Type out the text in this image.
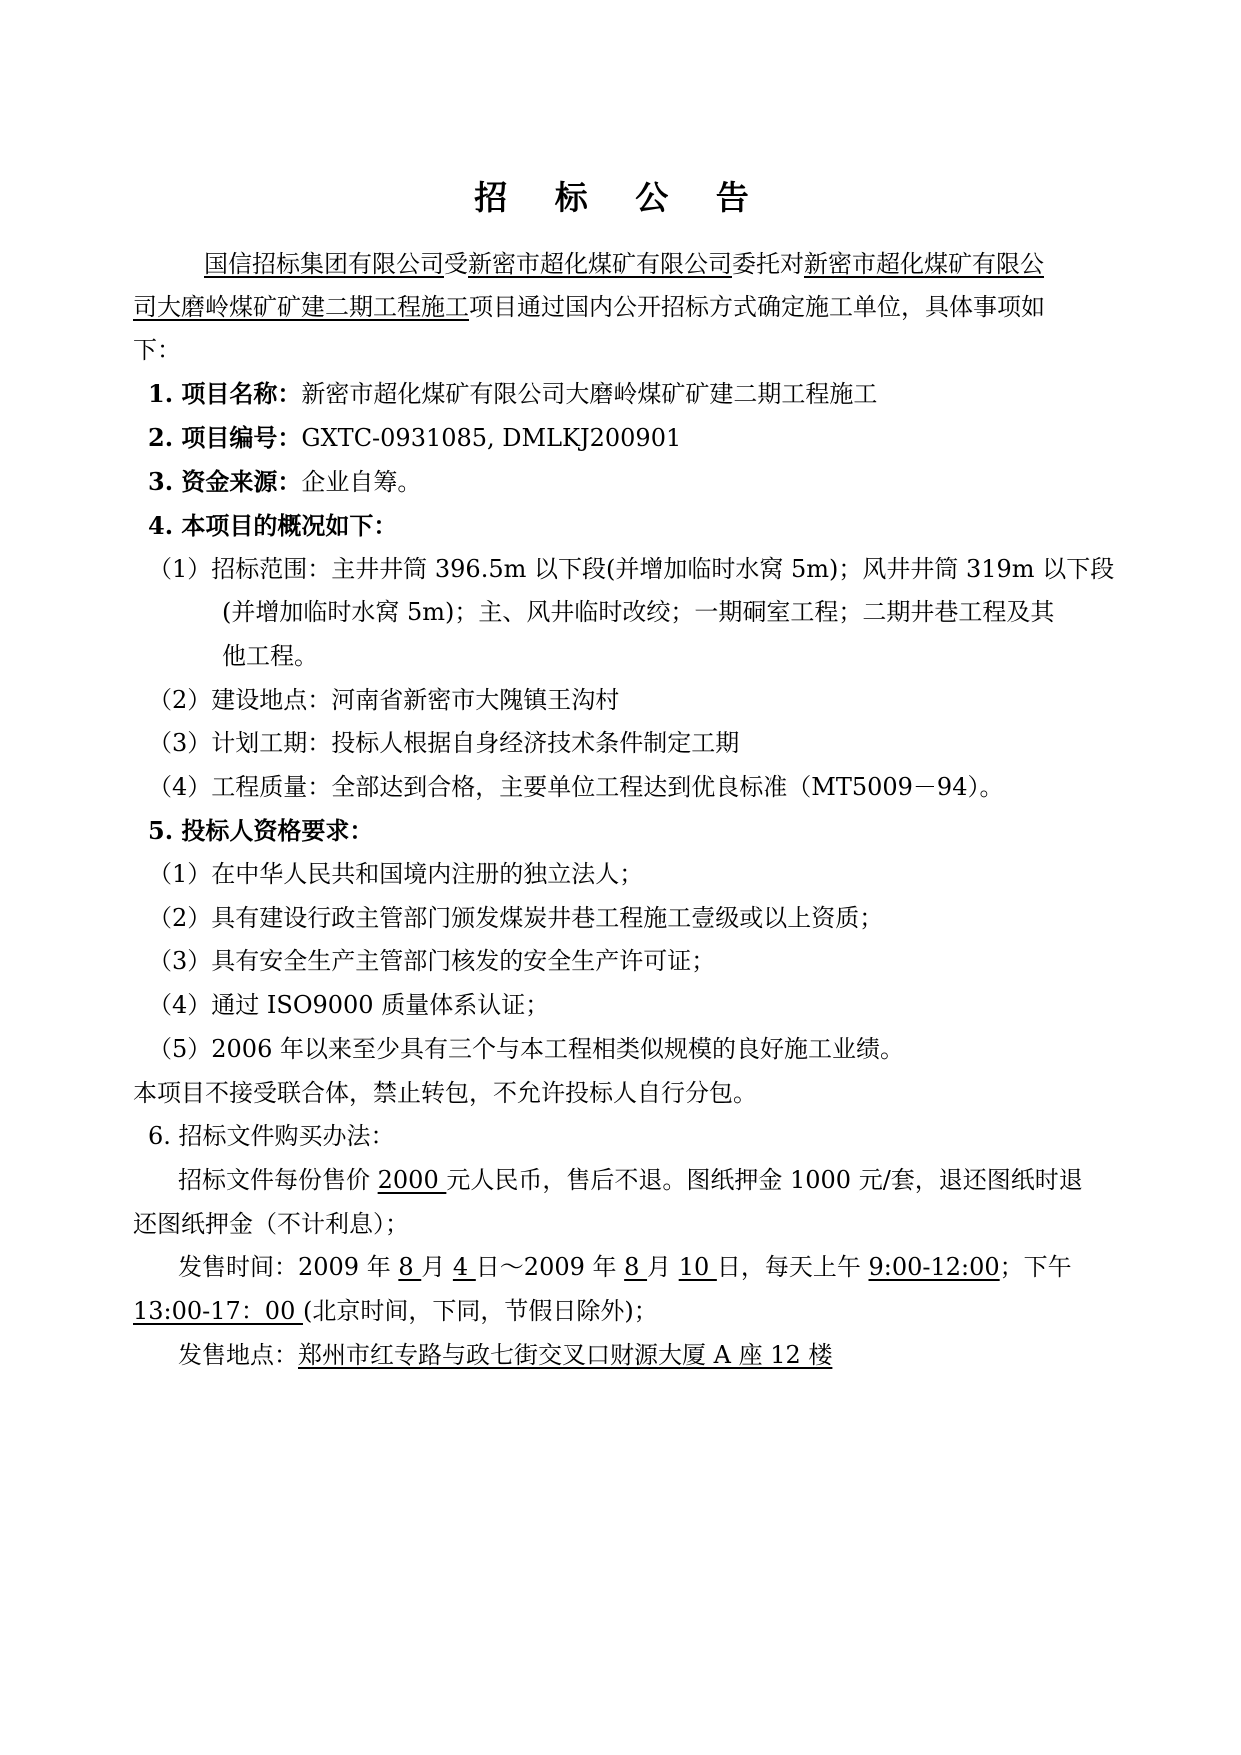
招 标 公 告
国信招标集团有限公司受新密市超化煤矿有限公司委托对新密市超化煤矿有限公
司大磨岭煤矿矿建二期工程施工项目通过国内公开招标方式确定施工单位，具体事项如
下：
1. 项目名称：新密市超化煤矿有限公司大磨岭煤矿矿建二期工程施工
2. 项目编号：GXTC-0931085, DMLKJ200901
3. 资金来源：企业自筹。
4. 本项目的概况如下：
（1）招标范围：主井井筒 396.5m 以下段(并增加临时水窝 5m)；风井井筒 319m 以下段
(并增加临时水窝 5m)；主、风井临时改绞；一期硐室工程；二期井巷工程及其
他工程。
（2）建设地点：河南省新密市大隗镇王沟村
（3）计划工期：投标人根据自身经济技术条件制定工期
（4）工程质量：全部达到合格，主要单位工程达到优良标准（MT5009－94）。
5. 投标人资格要求：
（1）在中华人民共和国境内注册的独立法人；
（2）具有建设行政主管部门颁发煤炭井巷工程施工壹级或以上资质；
（3）具有安全生产主管部门核发的安全生产许可证；
（4）通过 ISO9000 质量体系认证；
（5）2006 年以来至少具有三个与本工程相类似规模的良好施工业绩。
本项目不接受联合体，禁止转包，不允许投标人自行分包。
6. 招标文件购买办法：
招标文件每份售价 2000 元人民币，售后不退。图纸押金 1000 元/套，退还图纸时退
还图纸押金（不计利息）；
发售时间：2009 年 8 月 4 日～2009 年 8 月 10 日，每天上午 9:00-12:00；下午
13:00-17：00 (北京时间，下同，节假日除外)；
发售地点：郑州市红专路与政七街交叉口财源大厦 A 座 12 楼
